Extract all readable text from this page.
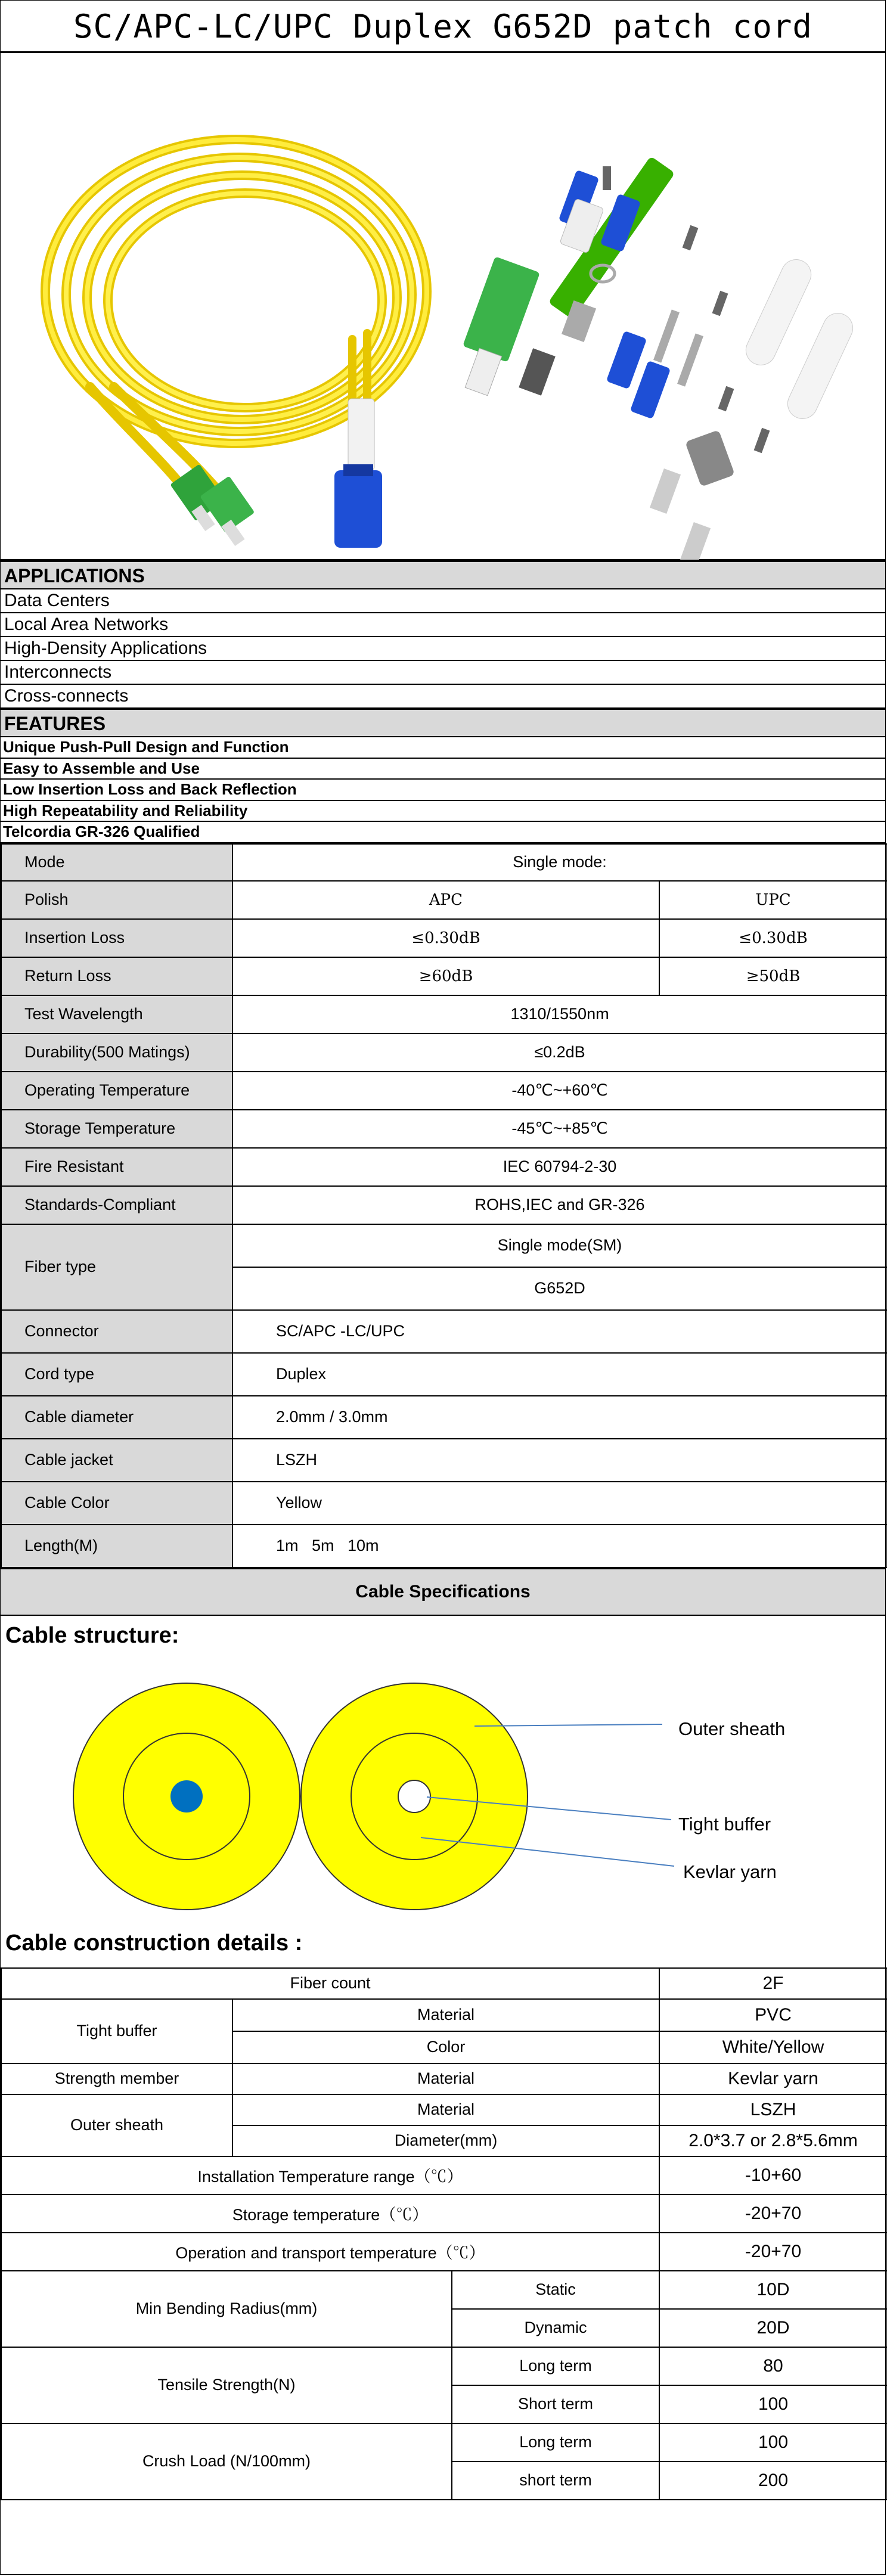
SC/APC-LC/UPC Duplex G652D patch cord
APPLICATIONS
Data Centers
Local Area Networks
High-Density Applications
Interconnects
Cross-connects
FEATURES
Unique Push-Pull Design and Function
Easy to Assemble and Use
Low Insertion Loss and Back Reflection
High Repeatability and Reliability
Telcordia GR-326 Qualified
Mode	Single mode:	
Polish	APC	UPC
Insertion Loss	≤0.30dB	≤0.30dB
Return Loss	≥60dB	≥50dB
Test Wavelength	1310/1550nm	
Durability(500 Matings)	≤0.2dB	
Operating Temperature	-40℃~+60℃	
Storage Temperature	-45℃~+85℃	
Fire Resistant	IEC 60794-2-30	
Standards-Compliant	ROHS,IEC and GR-326	
Fiber type	Single mode(SM)	
	G652D	
Connector	SC/APC -LC/UPC	
Cord type	Duplex	
Cable diameter	2.0mm / 3.0mm	
Cable jacket	LSZH	
Cable Color	Yellow	
Length(M)	1m   5m   10m	
Cable Specifications
Cable structure:
Outer sheath
Tight buffer
Kevlar yarn
Cable construction details :
Fiber count			2F
Tight buffer	Material		PVC
	Color		White/Yellow
Strength member	Material		Kevlar yarn
Outer sheath	Material		LSZH
	Diameter(mm)		2.0*3.7 or 2.8*5.6mm
Installation Temperature range（℃）			-10+60
Storage temperature（℃）			-20+70
Operation and transport temperature（℃）			-20+70
Min Bending Radius(mm)		Static	10D
		Dynamic	20D
Tensile Strength(N)		Long term	80
		Short term	100
Crush Load (N/100mm)		Long term	100
		short term	200
